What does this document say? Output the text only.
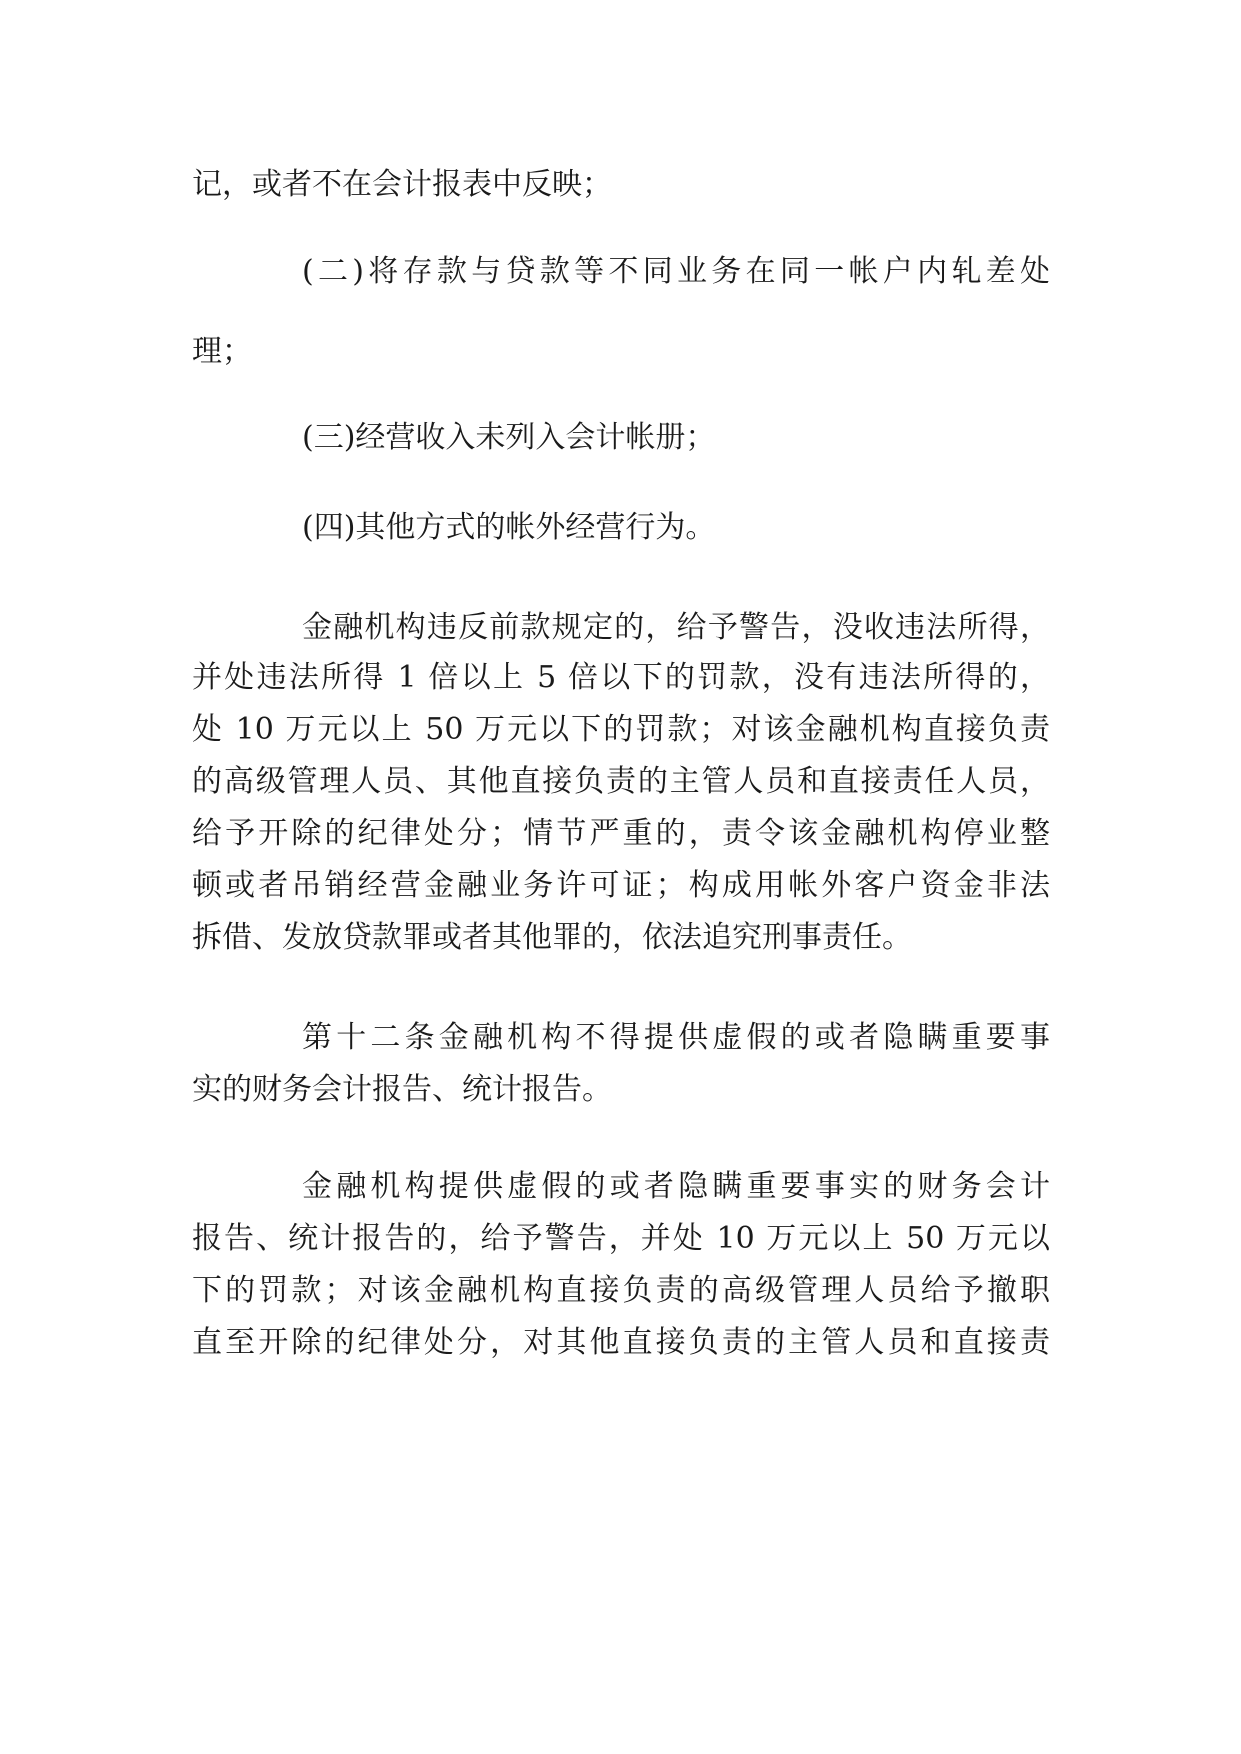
记，或者不在会计报表中反映；
(二)将存款与贷款等不同业务在同一帐户内轧差处
理；
(三)经营收入未列入会计帐册；
(四)其他方式的帐外经营行为。
金融机构违反前款规定的，给予警告，没收违法所得，
并处违法所得 1 倍以上 5 倍以下的罚款，没有违法所得的，
处 10 万元以上 50 万元以下的罚款；对该金融机构直接负责
的高级管理人员、其他直接负责的主管人员和直接责任人员，
给予开除的纪律处分；情节严重的，责令该金融机构停业整
顿或者吊销经营金融业务许可证；构成用帐外客户资金非法
拆借、发放贷款罪或者其他罪的，依法追究刑事责任。
第十二条金融机构不得提供虚假的或者隐瞒重要事
实的财务会计报告、统计报告。
金融机构提供虚假的或者隐瞒重要事实的财务会计
报告、统计报告的，给予警告，并处 10 万元以上 50 万元以
下的罚款；对该金融机构直接负责的高级管理人员给予撤职
直至开除的纪律处分，对其他直接负责的主管人员和直接责
